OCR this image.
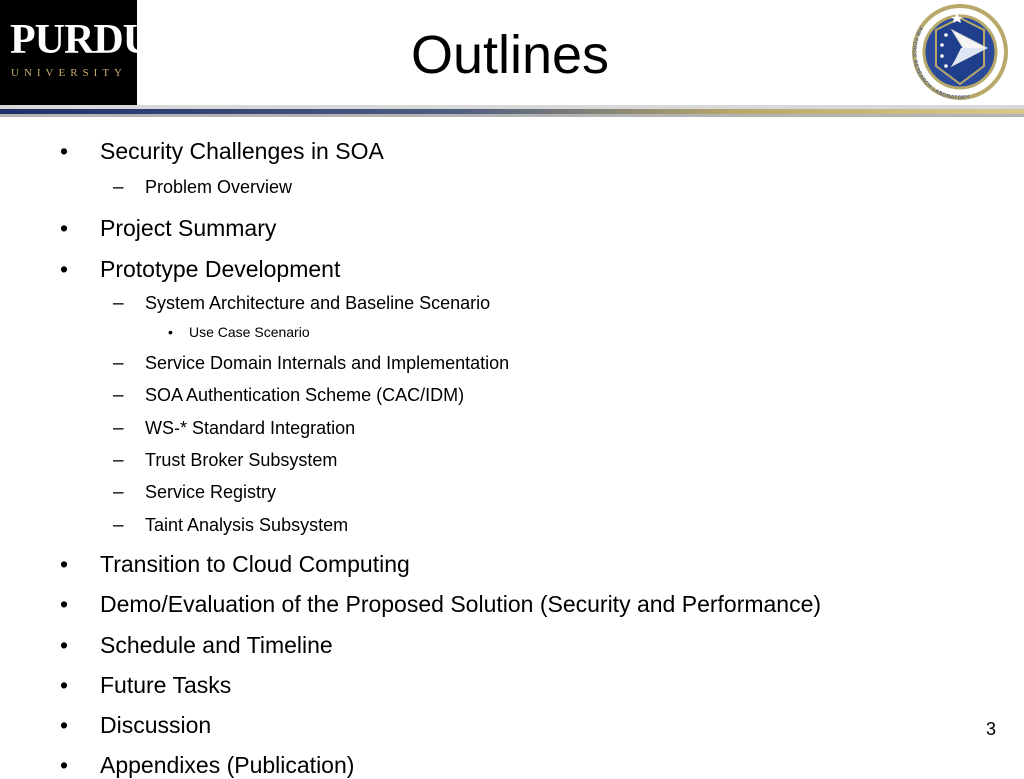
PURDUE
UNIVERSITY	Outlines	AIR FORCE RESEARCH LABORATORY
• Security Challenges in SOA
– Problem Overview
• Project Summary
• Prototype Development
– System Architecture and Baseline Scenario
• Use Case Scenario
– Service Domain Internals and Implementation
– SOA Authentication Scheme (CAC/IDM)
– WS-* Standard Integration
– Trust Broker Subsystem
– Service Registry
– Taint Analysis Subsystem
• Transition to Cloud Computing
• Demo/Evaluation of the Proposed Solution (Security and Performance)
• Schedule and Timeline
• Future Tasks
• Discussion
• Appendixes (Publication)
3
